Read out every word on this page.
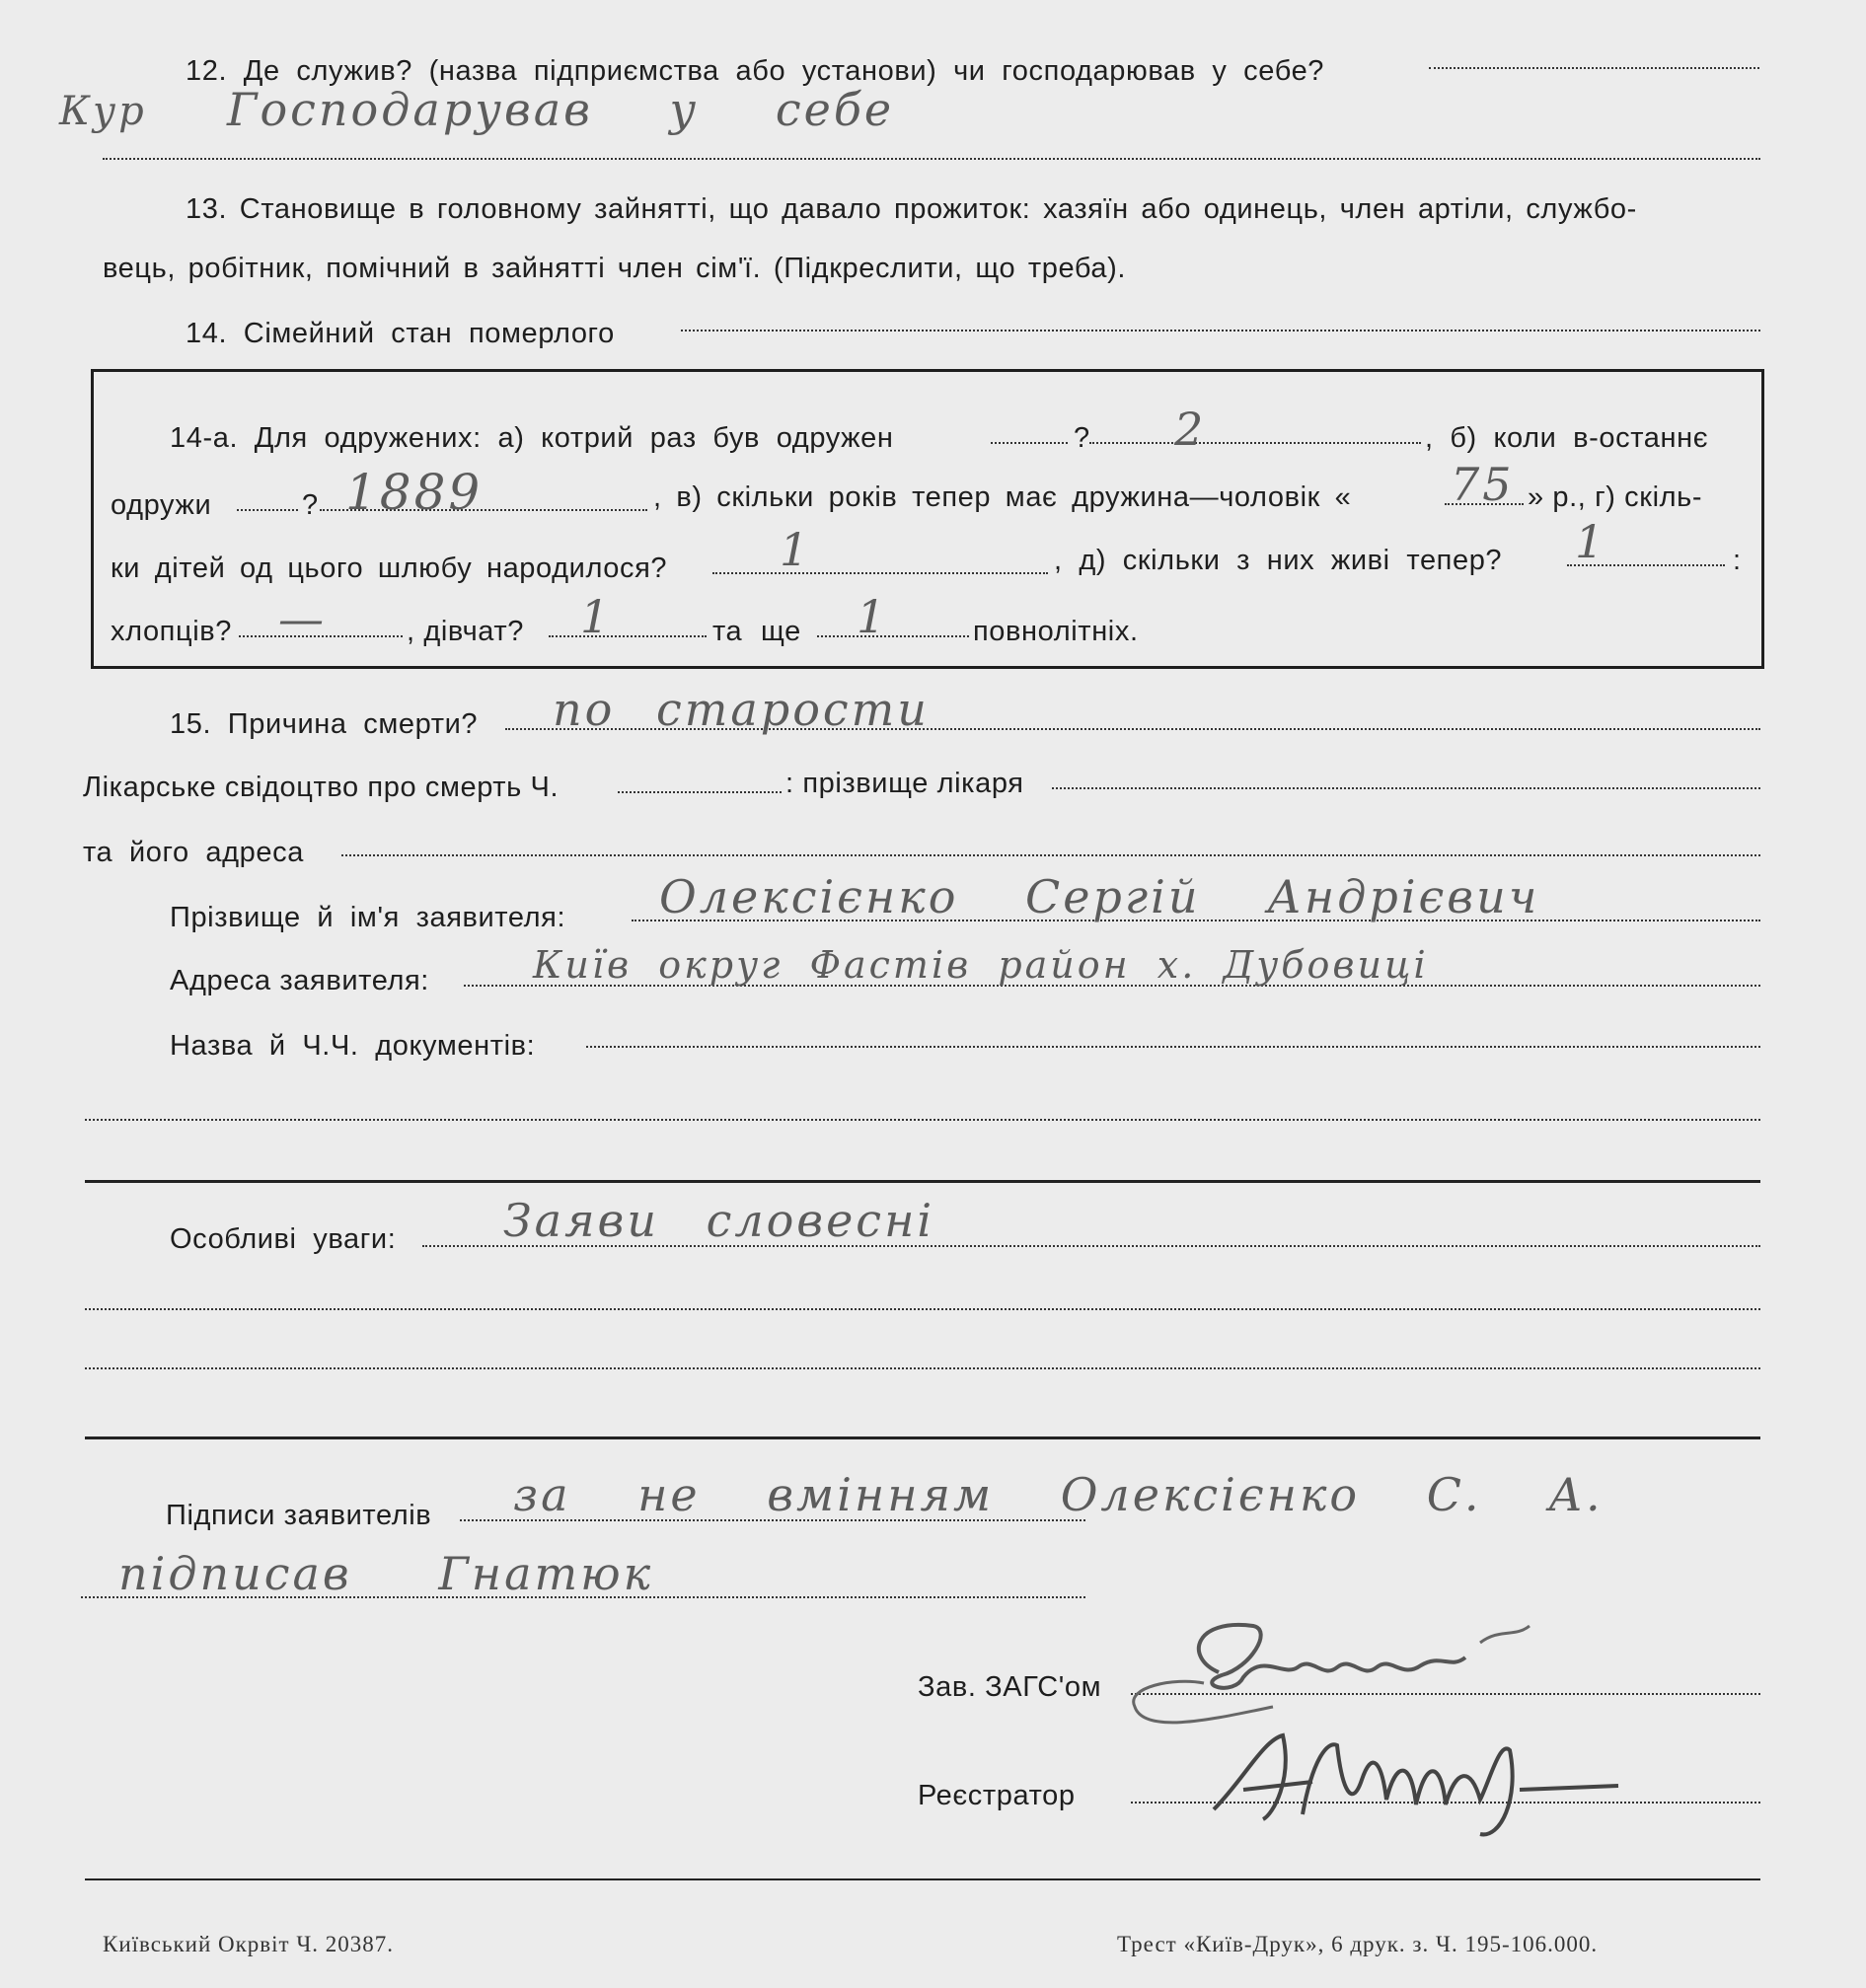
12. Де служив? (назва підприємства або установи) чи господарював у себе?
Кур Господарував у себе
13. Становище в головному зайнятті, що давало прожиток: хазяїн або одинець, член артіли, службо-
вець, робітник, помічний в зайнятті член сім'ї. (Підкреслити, що треба).
14. Сімейний стан померлого
14-а. Для одружених: а) котрий раз був одружен	? 2	, б) коли в-останнє
одружи	? 1889	, в) скільки років тепер має дружина—чоловік « 75 » р., г) скіль-
ки дітей од цього шлюбу народилося? 1	, д) скільки з них живі тепер? 1	:
хлопців? —	, дівчат? 1	та ще 1	повнолітніх.
15. Причина смерти? по старости
Лікарське свідоцтво про смерть Ч.	: прізвище лікаря
та його адреса
Прізвище й ім'я заявителя: Олексієнко Сергій Андрієвич
Адреса заявителя:	Київ округ Фастів район х. Дубовиці
Назва й Ч.Ч. документів:
Особливі уваги: Заяви словесні
Підписи заявителів за не вмінням Олексієнко С. А.
підписав Гнатюк
Зав. ЗАГС'ом
Реєстратор
Київський Окрвіт Ч. 20387.	Трест «Київ-Друк», 6 друк. з. Ч. 195-106.000.
